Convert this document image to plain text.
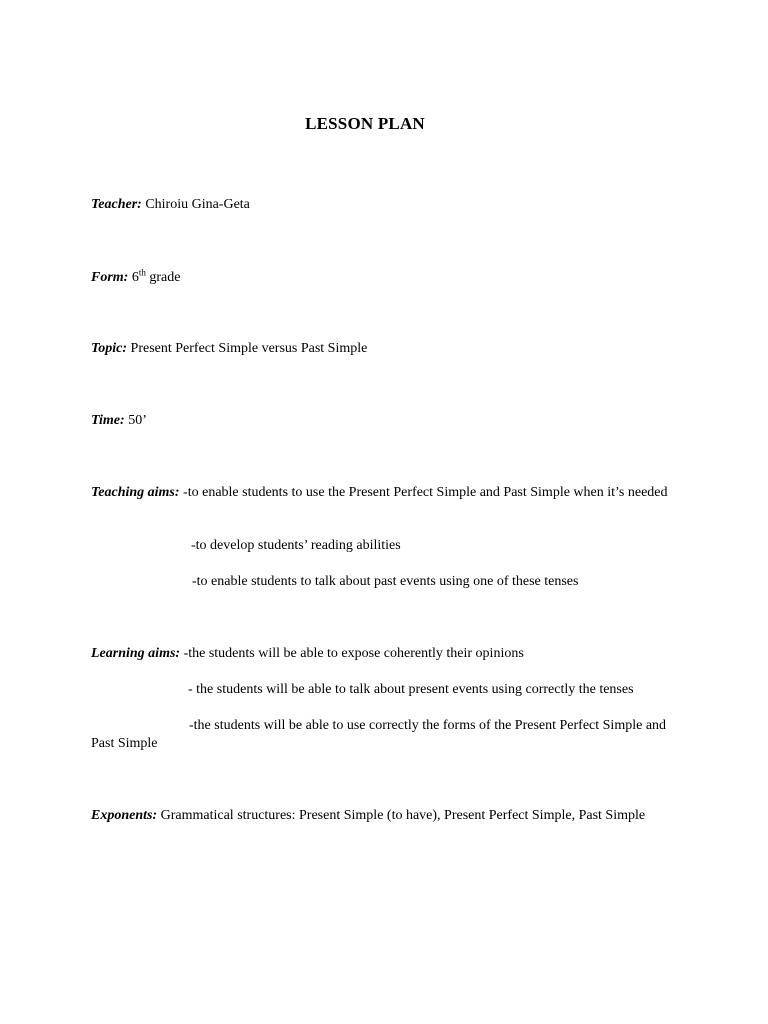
LESSON PLAN
Teacher: Chiroiu Gina-Geta
Form: 6th grade
Topic: Present Perfect Simple versus Past Simple
Time: 50’
Teaching aims: -to enable students to use the Present Perfect Simple and Past Simple when it’s needed
-to develop students’ reading abilities
-to enable students to talk about past events using one of these tenses
Learning aims: -the students will be able to expose coherently their opinions
- the students will be able to talk about present events using correctly the tenses
-the students will be able to use correctly the forms of the Present Perfect Simple and Past Simple
Exponents: Grammatical structures: Present Simple (to have), Present Perfect Simple, Past Simple
